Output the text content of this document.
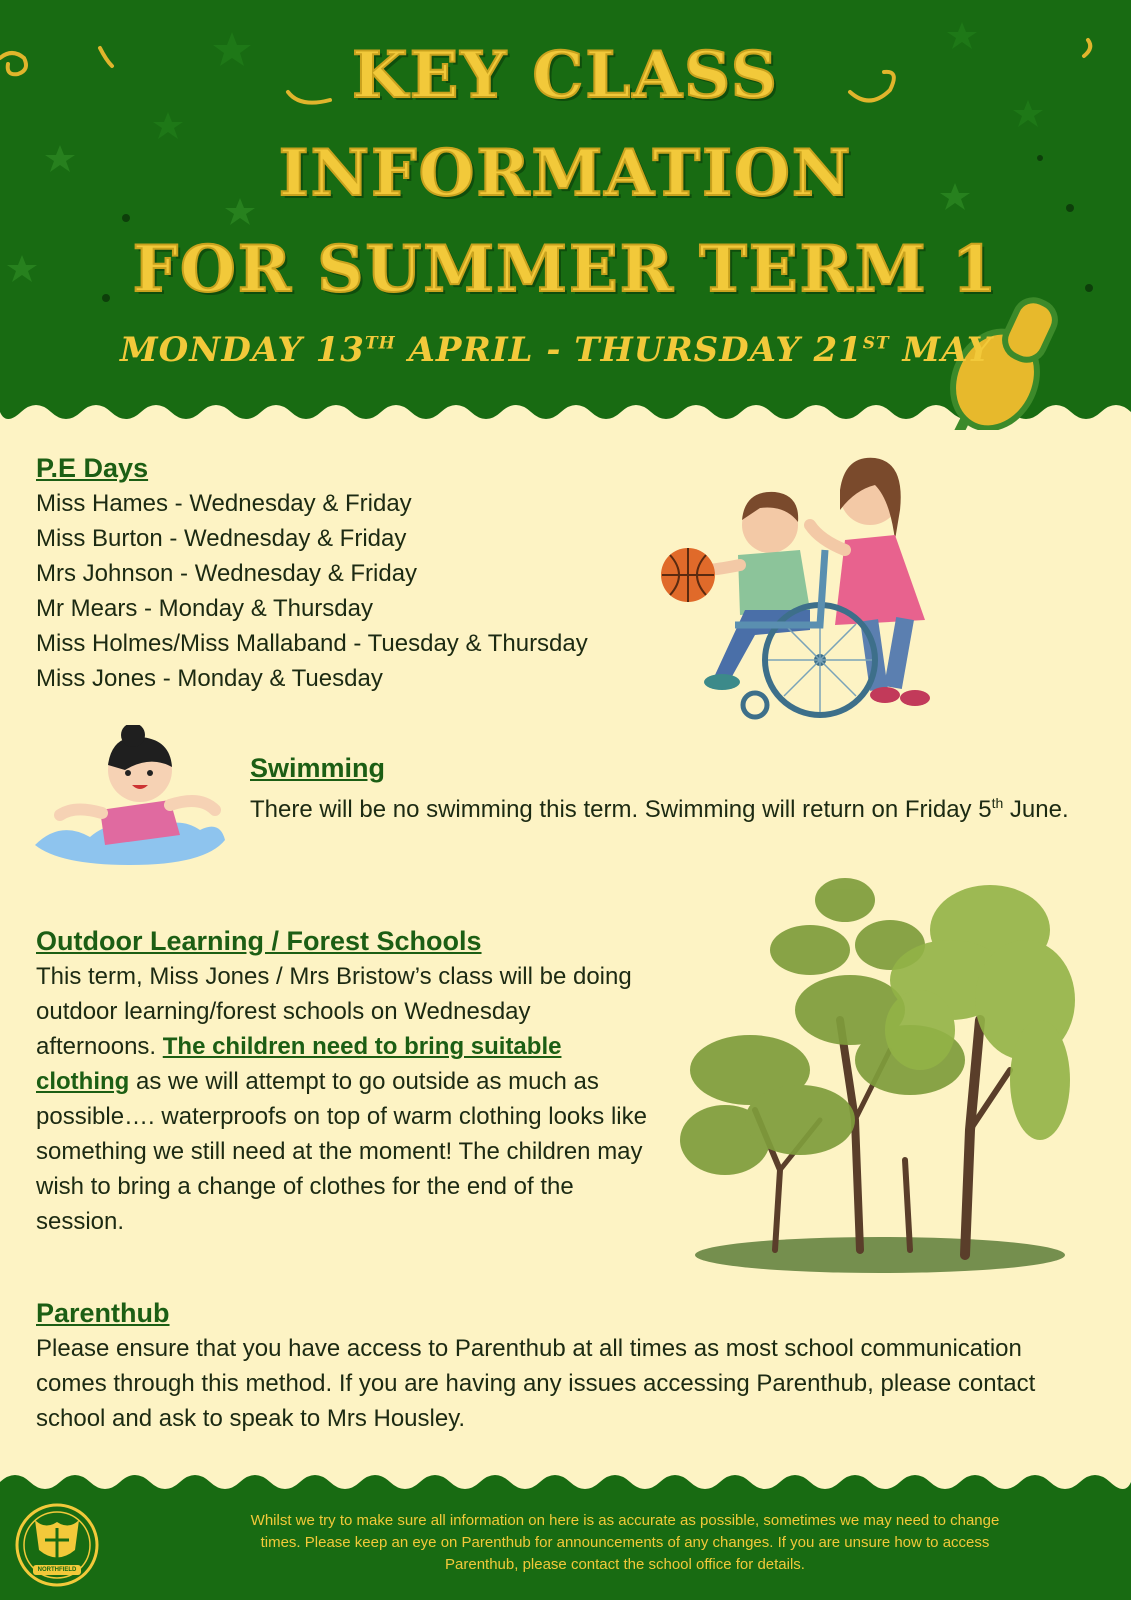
KEY CLASS
INFORMATION
FOR SUMMER TERM 1
MONDAY 13TH APRIL - THURSDAY 21ST MAY
P.E Days
Miss Hames - Wednesday & Friday
Miss Burton - Wednesday & Friday
Mrs Johnson - Wednesday & Friday
Mr Mears - Monday & Thursday
Miss Holmes/Miss Mallaband - Tuesday & Thursday
Miss Jones - Monday & Tuesday
Swimming
There will be no swimming this term. Swimming will return on Friday 5th June.
Outdoor Learning / Forest Schools
This term, Miss Jones / Mrs Bristow’s class will be doing outdoor learning/forest schools on Wednesday afternoons. The children need to bring suitable clothing as we will attempt to go outside as much as possible…. waterproofs on top of warm clothing looks like something we still need at the moment! The children may wish to bring a change of clothes for the end of the session.
Parenthub
Please ensure that you have access to Parenthub at all times as most school communication comes through this method. If you are having any issues accessing Parenthub, please contact school and ask to speak to Mrs Housley.
NORTHFIELD
Whilst we try to make sure all information on here is as accurate as possible, sometimes we may need to change times. Please keep an eye on Parenthub for announcements of any changes. If you are unsure how to access Parenthub, please contact the school office for details.
